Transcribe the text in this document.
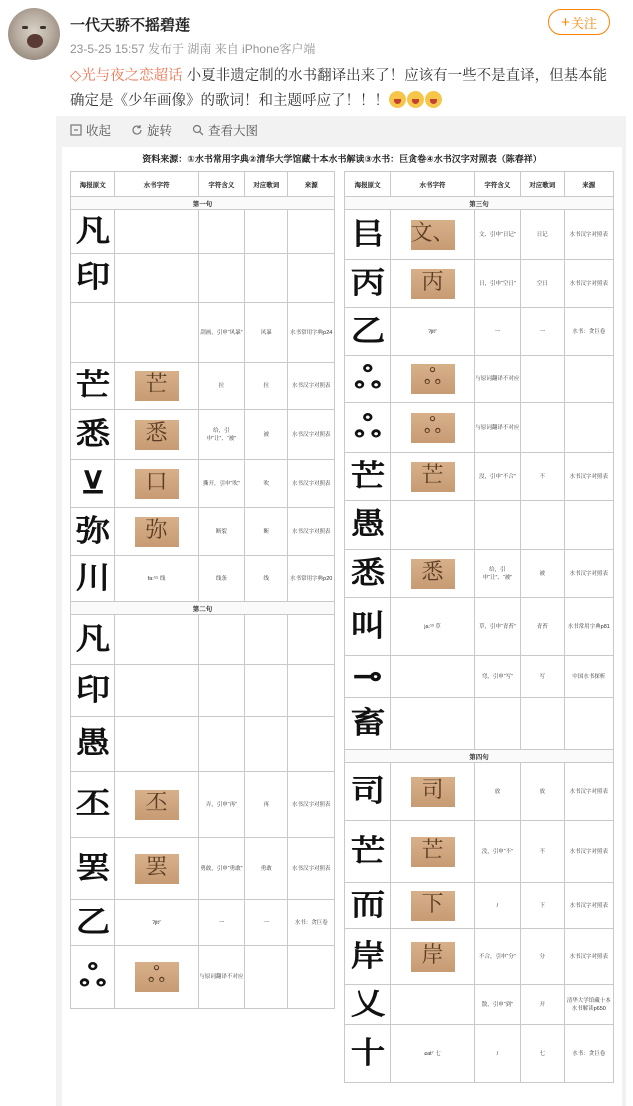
一代天骄不摇碧莲
23-5-25 15:57 发布于 湖南 来自 iPhone客户端
+ 关注
◇光与夜之恋超话 小夏非遗定制的水书翻译出来了！应该有一些不是直译，但基本能确定是《少年画像》的歌词！和主题呼应了！！！
收起	旋转	查看大图
资料来源：①水书常用字典②清华大学馆藏十本水书解读③水书：巨贪卷④水书汉字对照表（陈春祥）
海报原文	水书字符	字符含义	对应歌词	来源
第一句				
凡				
印				
		刮画，引申“风暴”	风暴	水书常用字典p24
芒	芒	拉	拉	水书汉字对照表
悉	悉	给，引申“让”、“被”	被	水书汉字对照表
⊻	口	撕开，引申“吹”	吹	水书汉字对照表
弥	弥	断裂	断	水书汉字对照表
川	fa:⁵⁵ 线	线条	线	水书常用字典p20
第二句				
凡				
印				
愚				
丕	丕	弄，引申“再”	再	水书汉字对照表
罢	罢	勇敢，引申“勇敢”	勇敢	水书汉字对照表
乙	ʔjit⁷	一	一	水书：贪巨卷
ஃ	ஃ	与原词翻译不对应		
海报原文	水书字符	字符含义	对应歌词	来源
第三句				
㠯	文、	文、引申“日记”	日记	水书汉字对照表
丙	丙	日，引申“空日”	空日	水书汉字对照表
乙	ʔjit⁷	一	一	水书：贪巨卷
ஃ	ஃ	与原词翻译不对应		
ஃ	ஃ	与原词翻译不对应		
芒	芒	没，引申“不合”	不	水书汉字对照表
愚				
悉	悉	给，引申“让”、“被”	被	水书汉字对照表
叫	ja:¹³ 草	草，引申“青苔”	青苔	水书常用字典p81
⊸		弯，引申“写”	写	中国水书探析
畜				
第四句				
司	司	放	放	水书汉字对照表
芒	芒	没，引申“不”	不	水书汉字对照表
而	下	/	下	水书汉字对照表
岸	岸	不合，引申“分”	分	水书汉字对照表
乂		散，引申“到”	开	清华大学馆藏十本水书解读p650
十	ɕat⁷ 七	/	七	水书：贪巨卷
